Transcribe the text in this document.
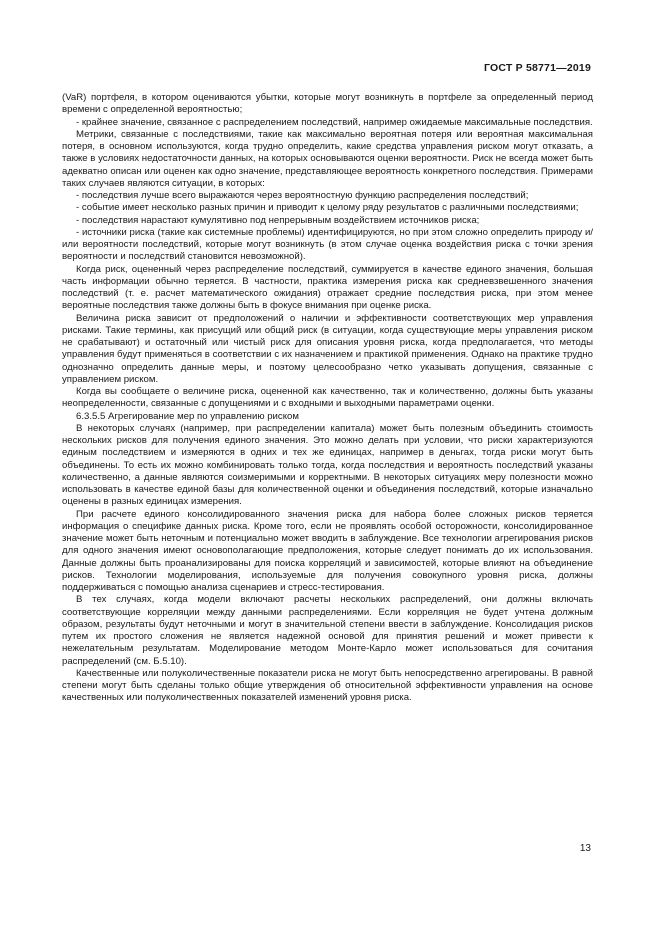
ГОСТ Р 58771—2019

(VaR) портфеля, в котором оцениваются убытки, которые могут возникнуть в портфеле за определенный период времени с определенной вероятностью;

- крайнее значение, связанное с распределением последствий, например ожидаемые максимальные последствия.

Метрики, связанные с последствиями, такие как максимально вероятная потеря или вероятная максимальная потеря, в основном используются, когда трудно определить, какие средства управления риском могут отказать, а также в условиях недостаточности данных, на которых основываются оценки вероятности. Риск не всегда может быть адекватно описан или оценен как одно значение, представляющее вероятность конкретного последствия. Примерами таких случаев являются ситуации, в которых:

- последствия лучше всего выражаются через вероятностную функцию распределения последствий;

- событие имеет несколько разных причин и приводит к целому ряду результатов с различными последствиями;

- последствия нарастают кумулятивно под непрерывным воздействием источников риска;

- источники риска (такие как системные проблемы) идентифицируются, но при этом сложно определить природу и/или вероятности последствий, которые могут возникнуть (в этом случае оценка воздействия риска с точки зрения вероятности и последствий становится невозможной).

Когда риск, оцененный через распределение последствий, суммируется в качестве единого значения, большая часть информации обычно теряется. В частности, практика измерения риска как средневзвешенного значения последствий (т. е. расчет математического ожидания) отражает средние последствия риска, при этом менее вероятные последствия также должны быть в фокусе внимания при оценке риска.

Величина риска зависит от предположений о наличии и эффективности соответствующих мер управления рисками. Такие термины, как присущий или общий риск (в ситуации, когда существующие меры управления риском не срабатывают) и остаточный или чистый риск для описания уровня риска, когда предполагается, что методы управления будут применяться в соответствии с их назначением и практикой применения. Однако на практике трудно однозначно определить данные меры, и поэтому целесообразно четко указывать допущения, связанные с управлением риском.

Когда вы сообщаете о величине риска, оцененной как качественно, так и количественно, должны быть указаны неопределенности, связанные с допущениями и с входными и выходными параметрами оценки.

6.3.5.5 Агрегирование мер по управлению риском

В некоторых случаях (например, при распределении капитала) может быть полезным объединить стоимость нескольких рисков для получения единого значения. Это можно делать при условии, что риски характеризуются единым последствием и измеряются в одних и тех же единицах, например в деньгах, тогда риски могут быть объединены. То есть их можно комбинировать только тогда, когда последствия и вероятность последствий указаны количественно, а данные являются соизмеримыми и корректными. В некоторых ситуациях меру полезности можно использовать в качестве единой базы для количественной оценки и объединения последствий, которые изначально оценены в разных единицах измерения.

При расчете единого консолидированного значения риска для набора более сложных рисков теряется информация о специфике данных риска. Кроме того, если не проявлять особой осторожности, консолидированное значение может быть неточным и потенциально может вводить в заблуждение. Все технологии агрегирования рисков для одного значения имеют основополагающие предположения, которые следует понимать до их использования. Данные должны быть проанализированы для поиска корреляций и зависимостей, которые влияют на объединение рисков. Технологии моделирования, используемые для получения совокупного уровня риска, должны поддерживаться с помощью анализа сценариев и стресс-тестирования.

В тех случаях, когда модели включают расчеты нескольких распределений, они должны включать соответствующие корреляции между данными распределениями. Если корреляция не будет учтена должным образом, результаты будут неточными и могут в значительной степени ввести в заблуждение. Консолидация рисков путем их простого сложения не является надежной основой для принятия решений и может привести к нежелательным результатам. Моделирование методом Монте-Карло может использоваться для сочитания распределений (см. Б.5.10).

Качественные или полуколичественные показатели риска не могут быть непосредственно агрегированы. В равной степени могут быть сделаны только общие утверждения об относительной эффективности управления на основе качественных или полуколичественных показателей изменений уровня риска.

13
